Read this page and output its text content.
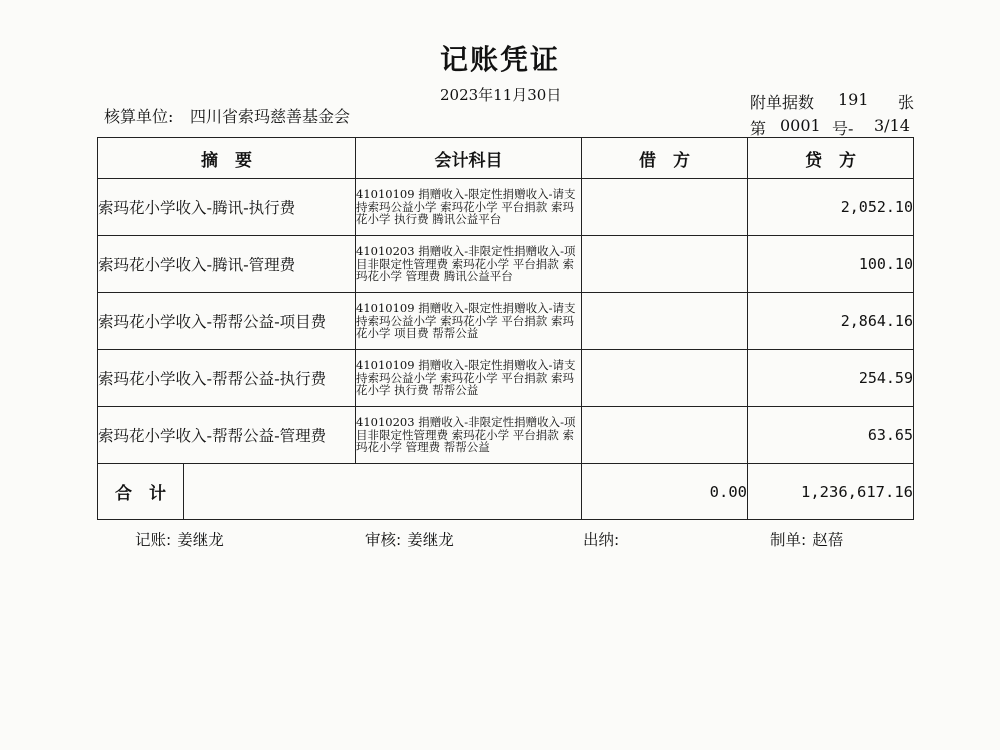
记账凭证
2023年11月30日
核算单位: 四川省索玛慈善基金会
附单据数 191 张
第 0001 号- 3/14
摘　要		会计科目	借　方	贷　方
索玛花小学收入-腾讯-执行费		41010109 捐赠收入-限定性捐赠收入-请支持索玛公益小学 索玛花小学 平台捐款 索玛花小学 执行费 腾讯公益平台		2,052.10
索玛花小学收入-腾讯-管理费		41010203 捐赠收入-非限定性捐赠收入-项目非限定性管理费 索玛花小学 平台捐款 索玛花小学 管理费 腾讯公益平台		100.10
索玛花小学收入-帮帮公益-项目费		41010109 捐赠收入-限定性捐赠收入-请支持索玛公益小学 索玛花小学 平台捐款 索玛花小学 项目费 帮帮公益		2,864.16
索玛花小学收入-帮帮公益-执行费		41010109 捐赠收入-限定性捐赠收入-请支持索玛公益小学 索玛花小学 平台捐款 索玛花小学 执行费 帮帮公益		254.59
索玛花小学收入-帮帮公益-管理费		41010203 捐赠收入-非限定性捐赠收入-项目非限定性管理费 索玛花小学 平台捐款 索玛花小学 管理费 帮帮公益		63.65
合　计			0.00	1,236,617.16
记账: 姜继龙	审核: 姜继龙	出纳:	制单: 赵蓓
